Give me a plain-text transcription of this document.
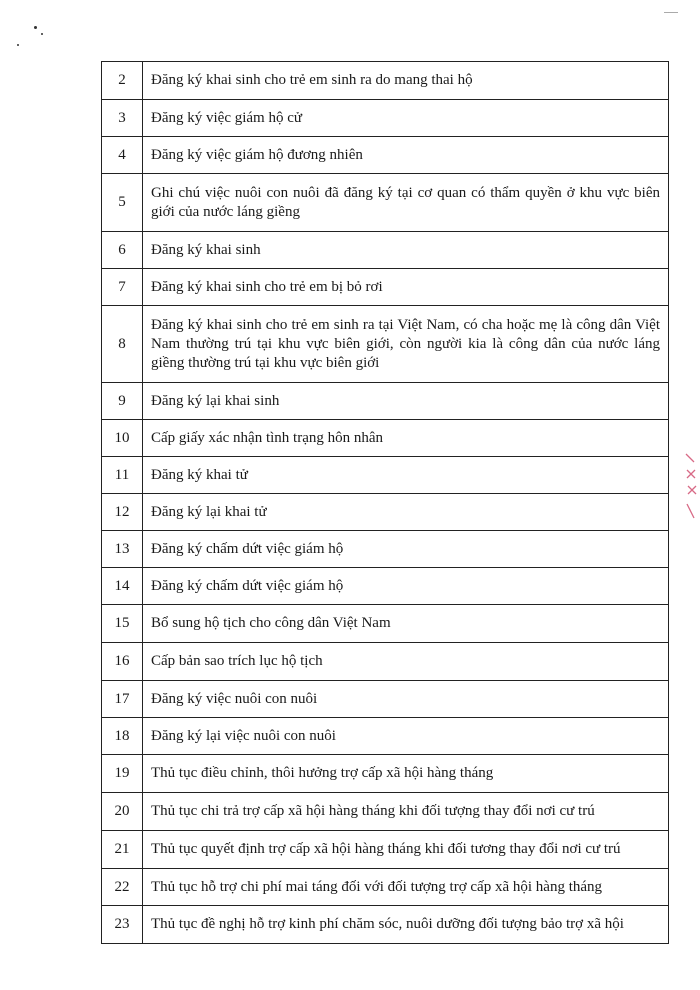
2	Đăng ký khai sinh cho trẻ em sinh ra do mang thai hộ
3	Đăng ký việc giám hộ cử
4	Đăng ký việc giám hộ đương nhiên
5	Ghi chú việc nuôi con nuôi đã đăng ký tại cơ quan có thẩm quyền ở khu vực biên giới của nước láng giềng
6	Đăng ký khai sinh
7	Đăng ký khai sinh cho trẻ em bị bỏ rơi
8	Đăng ký khai sinh cho trẻ em sinh ra tại Việt Nam, có cha hoặc mẹ là công dân Việt Nam thường trú tại khu vực biên giới, còn người kia là công dân của nước láng giềng thường trú tại khu vực biên giới
9	Đăng ký lại khai sinh
10	Cấp giấy xác nhận tình trạng hôn nhân
11	Đăng ký khai tử
12	Đăng ký lại khai tử
13	Đăng ký chấm dứt việc giám hộ
14	Đăng ký chấm dứt việc giám hộ
15	Bổ sung hộ tịch cho công dân Việt Nam
16	Cấp bản sao trích lục hộ tịch
17	Đăng ký việc nuôi con nuôi
18	Đăng ký lại việc nuôi con nuôi
19	Thủ tục điều chỉnh, thôi hưởng trợ cấp xã hội hàng tháng
20	Thủ tục chi trả trợ cấp xã hội hàng tháng khi đối tượng thay đổi nơi cư trú
21	Thủ tục quyết định trợ cấp xã hội hàng tháng khi đối tương thay đổi nơi cư trú
22	Thủ tục hỗ trợ chi phí mai táng đối với đối tượng trợ cấp xã hội hàng tháng
23	Thủ tục đề nghị hỗ trợ kinh phí chăm sóc, nuôi dưỡng đối tượng bảo trợ xã hội
